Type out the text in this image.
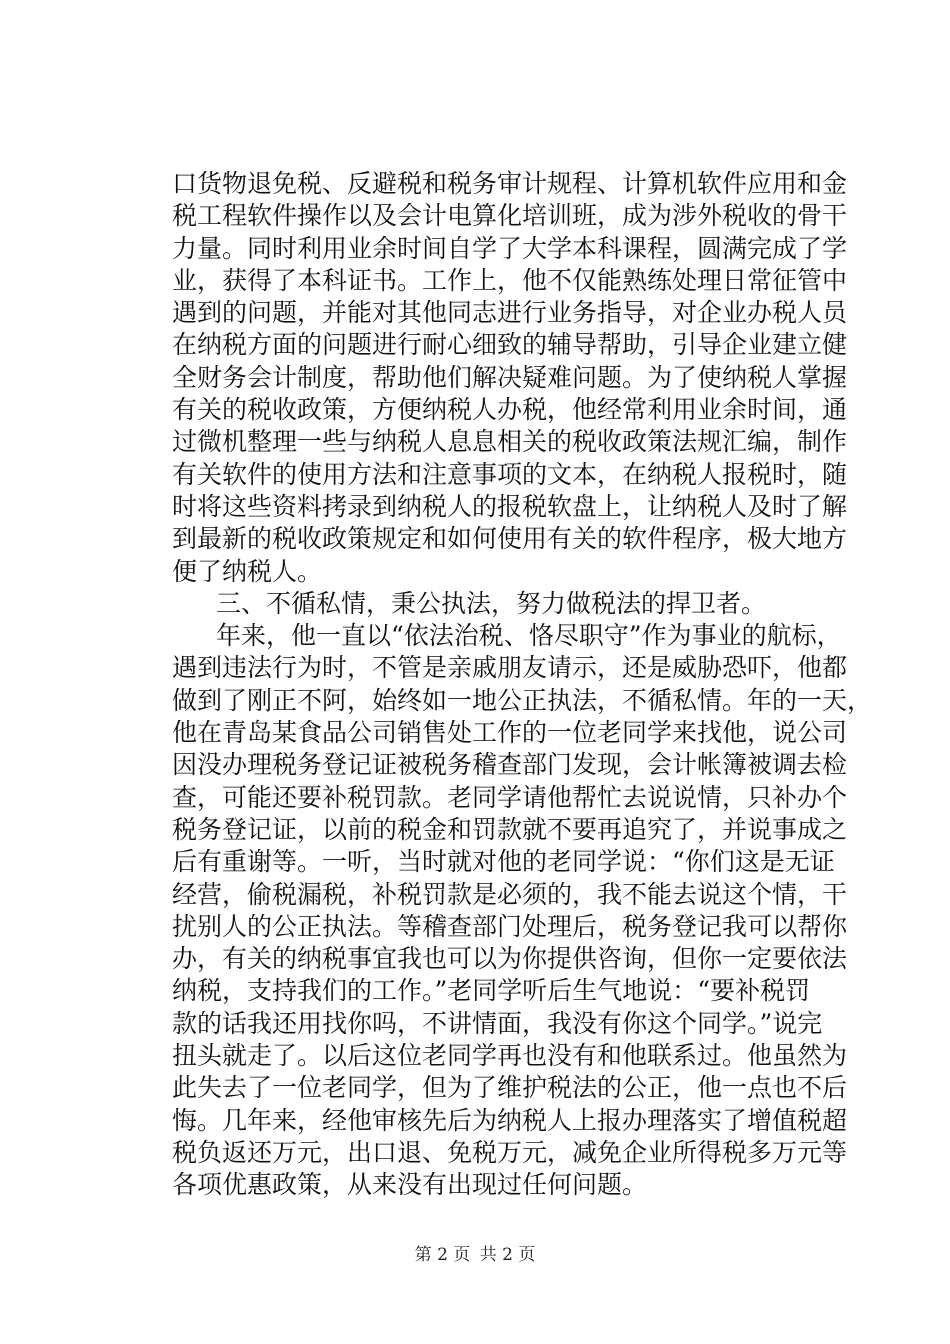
口货物退免税、反避税和税务审计规程、计算机软件应用和金
税工程软件操作以及会计电算化培训班，成为涉外税收的骨干
力量。同时利用业余时间自学了大学本科课程，圆满完成了学
业，获得了本科证书。工作上，他不仅能熟练处理日常征管中
遇到的问题，并能对其他同志进行业务指导，对企业办税人员
在纳税方面的问题进行耐心细致的辅导帮助，引导企业建立健
全财务会计制度，帮助他们解决疑难问题。为了使纳税人掌握
有关的税收政策，方便纳税人办税，他经常利用业余时间，通
过微机整理一些与纳税人息息相关的税收政策法规汇编，制作
有关软件的使用方法和注意事项的文本，在纳税人报税时，随
时将这些资料拷录到纳税人的报税软盘上，让纳税人及时了解
到最新的税收政策规定和如何使用有关的软件程序，极大地方
便了纳税人。
三、不循私情，秉公执法，努力做税法的捍卫者。
年来，他一直以“依法治税、恪尽职守”作为事业的航标，
遇到违法行为时，不管是亲戚朋友请示，还是威胁恐吓，他都
做到了刚正不阿，始终如一地公正执法，不循私情。年的一天，
他在青岛某食品公司销售处工作的一位老同学来找他，说公司
因没办理税务登记证被税务稽查部门发现，会计帐簿被调去检
查，可能还要补税罚款。老同学请他帮忙去说说情，只补办个
税务登记证，以前的税金和罚款就不要再追究了，并说事成之
后有重谢等。一听，当时就对他的老同学说：“你们这是无证
经营，偷税漏税，补税罚款是必须的，我不能去说这个情，干
扰别人的公正执法。等稽查部门处理后，税务登记我可以帮你
办，有关的纳税事宜我也可以为你提供咨询，但你一定要依法
纳税，支持我们的工作。”老同学听后生气地说：“要补税罚
款的话我还用找你吗，不讲情面，我没有你这个同学。”说完
扭头就走了。以后这位老同学再也没有和他联系过。他虽然为
此失去了一位老同学，但为了维护税法的公正，他一点也不后
悔。几年来，经他审核先后为纳税人上报办理落实了增值税超
税负返还万元，出口退、免税万元，减免企业所得税多万元等
各项优惠政策，从来没有出现过任何问题。
第 2 页 共 2 页
